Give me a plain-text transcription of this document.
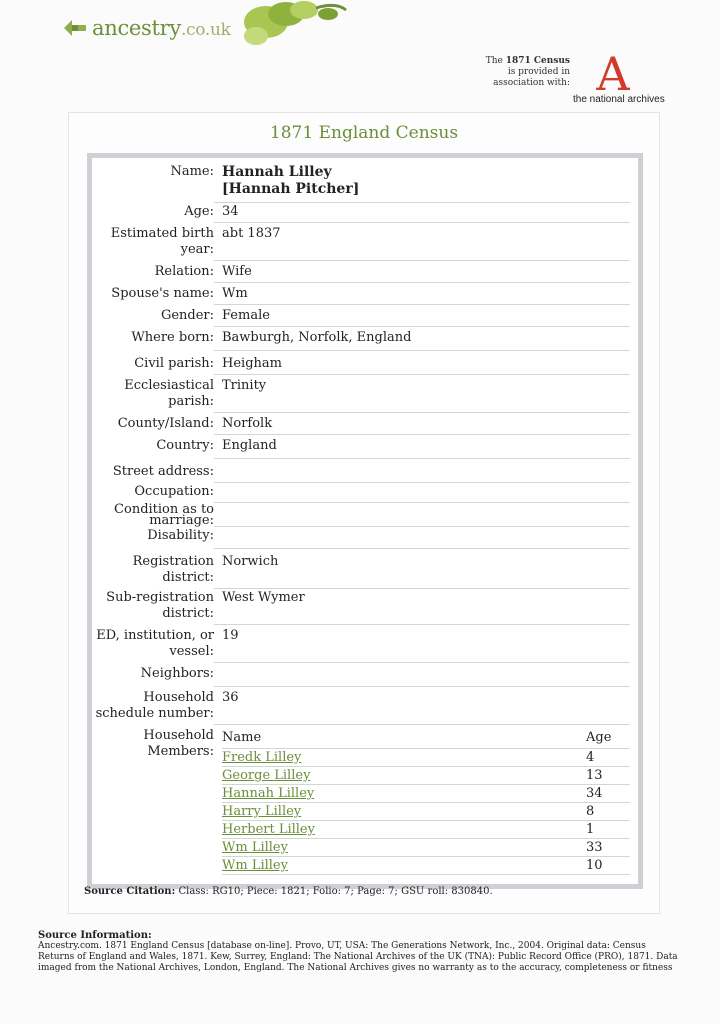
ancestry.co.uk
The 1871 Census
is provided in
association with: A
the national archives
1871 England Census
Name: Hannah Lilley
[Hannah Pitcher]
Age: 34
Estimated birth
year:
abt 1837
Relation: Wife
Spouse's name: Wm
Gender: Female
Where born: Bawburgh, Norfolk, England
Civil parish: Heigham
Ecclesiastical
parish:
Trinity
County/Island: Norfolk
Country: England
Street address:
Occupation:
Condition as to
marriage:
Disability:
Registration
district:
Norwich
Sub-registration
district:
West Wymer
ED, institution, or
vessel:
19
Neighbors:
Household
schedule number:
36
Household
Members:
Name	Age
Fredk Lilley	4
George Lilley	13
Hannah Lilley	34
Harry Lilley	8
Herbert Lilley	1
Wm Lilley	33
Wm Lilley	10
Source Citation: Class: RG10; Piece: 1821; Folio: 7; Page: 7; GSU roll: 830840.
Source Information:
Ancestry.com. 1871 England Census [database on-line]. Provo, UT, USA: The Generations Network, Inc., 2004. Original data: Census Returns of England and Wales, 1871. Kew, Surrey, England: The National Archives of the UK (TNA): Public Record Office (PRO), 1871. Data imaged from the National Archives, London, England. The National Archives gives no warranty as to the accuracy, completeness or fitness
